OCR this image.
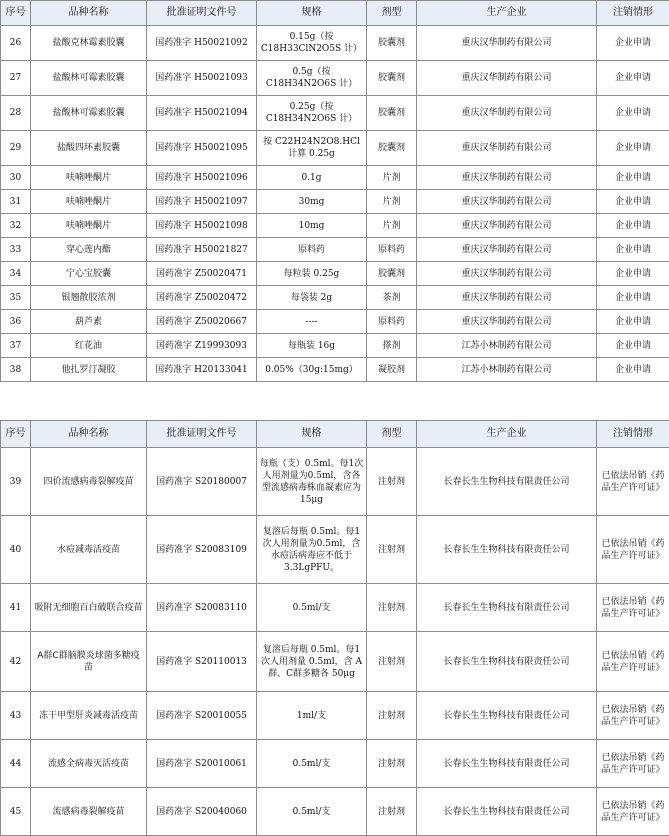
序号	品种名称	批准证明文件号	规格	剂型	生产企业	注销情形
26	盐酸克林霉素胶囊	国药准字 H50021092	0.15g（按 C18H33ClN2O5S 计）	胶囊剂	重庆汉华制药有限公司	企业申请
27	盐酸林可霉素胶囊	国药准字 H50021093	0.5g（按 C18H34N2O6S 计）	胶囊剂	重庆汉华制药有限公司	企业申请
28	盐酸林可霉素胶囊	国药准字 H50021094	0.25g（按 C18H34N2O6S 计）	胶囊剂	重庆汉华制药有限公司	企业申请
29	盐酸四环素胶囊	国药准字 H50021095	按 C22H24N2O8.HCl 计算 0.25g	胶囊剂	重庆汉华制药有限公司	企业申请
30	呋喃唑酮片	国药准字 H50021096	0.1g	片剂	重庆汉华制药有限公司	企业申请
31	呋喃唑酮片	国药准字 H50021097	30mg	片剂	重庆汉华制药有限公司	企业申请
32	呋喃唑酮片	国药准字 H50021098	10mg	片剂	重庆汉华制药有限公司	企业申请
33	穿心莲内酯	国药准字 H50021827	原料药	原料药	重庆汉华制药有限公司	企业申请
34	宁心宝胶囊	国药准字 Z50020471	每粒装 0.25g	胶囊剂	重庆汉华制药有限公司	企业申请
35	银翘散胶浓剂	国药准字 Z50020472	每袋装 2g	茶剂	重庆汉华制药有限公司	企业申请
36	葫芦素	国药准字 Z50020667	----	原料药	重庆汉华制药有限公司	企业申请
37	红花油	国药准字 Z19993093	每瓶装 16g	搽剂	江苏小林制药有限公司	企业申请
38	他扎罗汀凝胶	国药准字 H20133041	0.05%（30g:15mg）	凝胶剂	江苏小林制药有限公司	企业申请
序号	品种名称	批准证明文件号	规格	剂型	生产企业	注销情形
39	四价流感病毒裂解疫苗	国药准字 S20180007	每瓶（支）0.5ml。每1次人用剂量为0.5ml，含各型流感病毒株血凝素应为 15μg	注射剂	长春长生生物科技有限责任公司	已依法吊销《药品生产许可证》
40	水痘减毒活疫苗	国药准字 S20083109	复溶后每瓶 0.5ml。每1次人用剂量为0.5ml，含水痘活病毒应不低于 3.3LgPFU。	注射剂	长春长生生物科技有限责任公司	已依法吊销《药品生产许可证》
41	吸附无细胞百白破联合疫苗	国药准字 S20083110	0.5ml/支	注射剂	长春长生生物科技有限责任公司	已依法吊销《药品生产许可证》
42	A群C群脑膜炎球菌多糖疫苗	国药准字 S20110013	复溶后每瓶 0.5ml。每1次人用剂量 0.5ml，含 A群、C群多糖各 50μg	注射剂	长春长生生物科技有限责任公司	已依法吊销《药品生产许可证》
43	冻干甲型肝炎减毒活疫苗	国药准字 S20010055	1ml/支	注射剂	长春长生生物科技有限责任公司	已依法吊销《药品生产许可证》
44	流感全病毒灭活疫苗	国药准字 S20010061	0.5ml/支	注射剂	长春长生生物科技有限责任公司	已依法吊销《药品生产许可证》
45	流感病毒裂解疫苗	国药准字 S20040060	0.5ml/支	注射剂	长春长生生物科技有限责任公司	已依法吊销《药品生产许可证》
